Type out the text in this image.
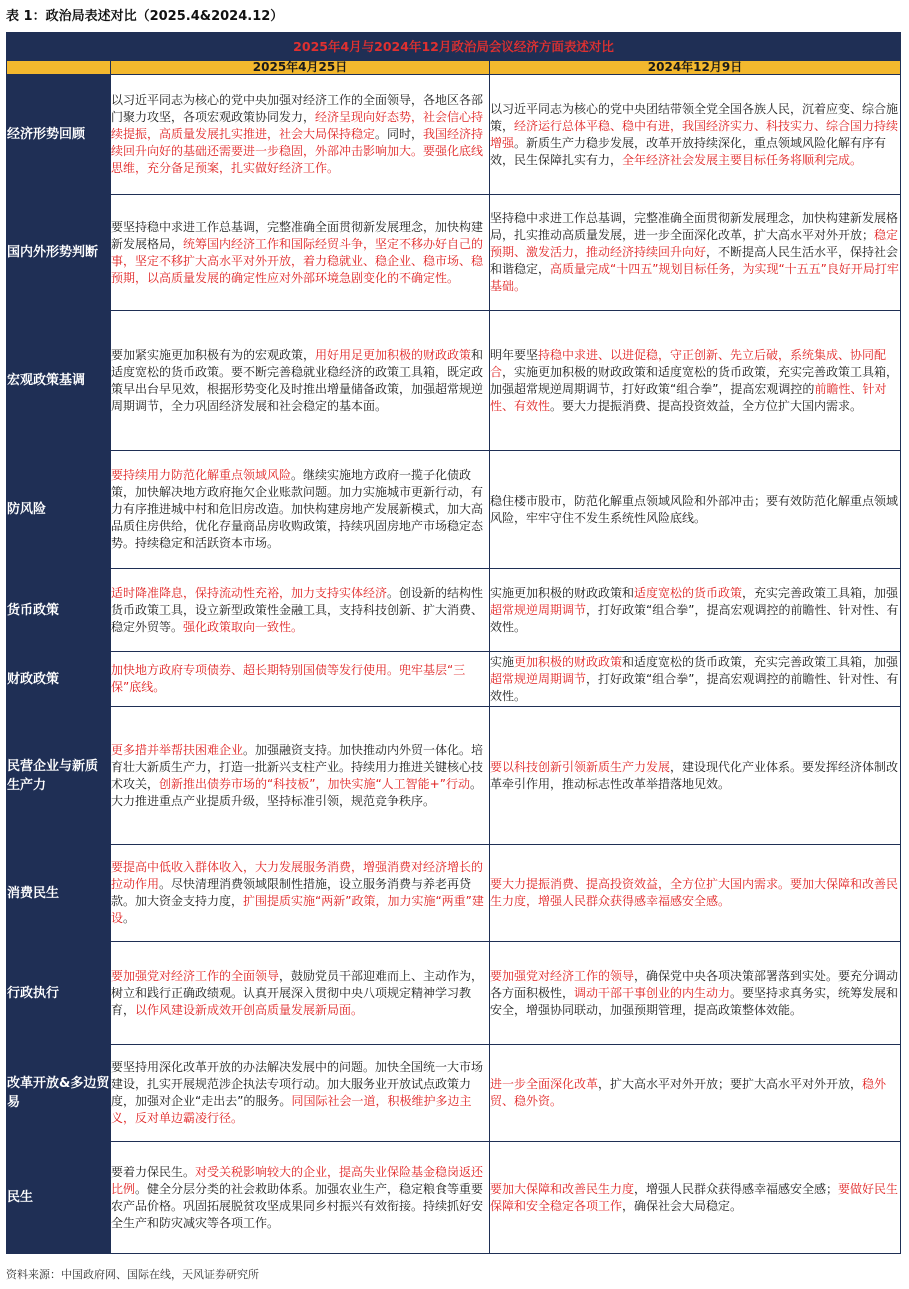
表 1：政治局表述对比（2025.4&2024.12）
2025年4月与2024年12月政治局会议经济方面表述对比		
	2025年4月25日	2024年12月9日
经济形势回顾	以习近平同志为核心的党中央加强对经济工作的全面领导，各地区各部门聚力攻坚，各项宏观政策协同发力，经济呈现向好态势，社会信心持续提振，高质量发展扎实推进，社会大局保持稳定。同时，我国经济持续回升向好的基础还需要进一步稳固，外部冲击影响加大。要强化底线思维，充分备足预案，扎实做好经济工作。	以习近平同志为核心的党中央团结带领全党全国各族人民，沉着应变、综合施策，经济运行总体平稳、稳中有进，我国经济实力、科技实力、综合国力持续增强。新质生产力稳步发展，改革开放持续深化，重点领域风险化解有序有效，民生保障扎实有力，全年经济社会发展主要目标任务将顺利完成。
国内外形势判断	要坚持稳中求进工作总基调，完整准确全面贯彻新发展理念，加快构建新发展格局，统筹国内经济工作和国际经贸斗争，坚定不移办好自己的事，坚定不移扩大高水平对外开放，着力稳就业、稳企业、稳市场、稳预期，以高质量发展的确定性应对外部环境急剧变化的不确定性。	坚持稳中求进工作总基调，完整准确全面贯彻新发展理念，加快构建新发展格局，扎实推动高质量发展，进一步全面深化改革，扩大高水平对外开放；稳定预期、激发活力，推动经济持续回升向好，不断提高人民生活水平，保持社会和谐稳定，高质量完成“十四五”规划目标任务，为实现“十五五”良好开局打牢基础。
宏观政策基调	要加紧实施更加积极有为的宏观政策，用好用足更加积极的财政政策和适度宽松的货币政策。要不断完善稳就业稳经济的政策工具箱，既定政策早出台早见效，根据形势变化及时推出增量储备政策，加强超常规逆周期调节，全力巩固经济发展和社会稳定的基本面。	明年要坚持稳中求进、以进促稳，守正创新、先立后破，系统集成、协同配合，实施更加积极的财政政策和适度宽松的货币政策，充实完善政策工具箱，加强超常规逆周期调节，打好政策“组合拳”，提高宏观调控的前瞻性、针对性、有效性。要大力提振消费、提高投资效益，全方位扩大国内需求。
防风险	要持续用力防范化解重点领域风险。继续实施地方政府一揽子化债政策，加快解决地方政府拖欠企业账款问题。加力实施城市更新行动，有力有序推进城中村和危旧房改造。加快构建房地产发展新模式，加大高品质住房供给，优化存量商品房收购政策，持续巩固房地产市场稳定态势。持续稳定和活跃资本市场。	稳住楼市股市，防范化解重点领域风险和外部冲击；要有效防范化解重点领域风险，牢牢守住不发生系统性风险底线。
货币政策	适时降准降息，保持流动性充裕，加力支持实体经济。创设新的结构性货币政策工具，设立新型政策性金融工具，支持科技创新、扩大消费、稳定外贸等。强化政策取向一致性。	实施更加积极的财政政策和适度宽松的货币政策，充实完善政策工具箱，加强超常规逆周期调节，打好政策“组合拳”，提高宏观调控的前瞻性、针对性、有效性。
财政政策	加快地方政府专项债券、超长期特别国债等发行使用。兜牢基层“三保”底线。	实施更加积极的财政政策和适度宽松的货币政策，充实完善政策工具箱，加强超常规逆周期调节，打好政策“组合拳”，提高宏观调控的前瞻性、针对性、有效性。
民营企业与新质生产力	更多措并举帮扶困难企业。加强融资支持。加快推动内外贸一体化。培育壮大新质生产力，打造一批新兴支柱产业。持续用力推进关键核心技术攻关，创新推出债券市场的“科技板”，加快实施“人工智能+”行动。大力推进重点产业提质升级，坚持标准引领，规范竞争秩序。	要以科技创新引领新质生产力发展，建设现代化产业体系。要发挥经济体制改革牵引作用，推动标志性改革举措落地见效。
消费民生	要提高中低收入群体收入，大力发展服务消费，增强消费对经济增长的拉动作用。尽快清理消费领域限制性措施，设立服务消费与养老再贷款。加大资金支持力度，扩围提质实施“两新”政策，加力实施“两重”建设。	要大力提振消费、提高投资效益，全方位扩大国内需求。要加大保障和改善民生力度，增强人民群众获得感幸福感安全感。
行政执行	要加强党对经济工作的全面领导，鼓励党员干部迎难而上、主动作为，树立和践行正确政绩观。认真开展深入贯彻中央八项规定精神学习教育，以作风建设新成效开创高质量发展新局面。	要加强党对经济工作的领导，确保党中央各项决策部署落到实处。要充分调动各方面积极性，调动干部干事创业的内生动力。要坚持求真务实，统筹发展和安全，增强协同联动，加强预期管理，提高政策整体效能。
改革开放&多边贸易	要坚持用深化改革开放的办法解决发展中的问题。加快全国统一大市场建设，扎实开展规范涉企执法专项行动。加大服务业开放试点政策力度，加强对企业“走出去”的服务。同国际社会一道，积极维护多边主义，反对单边霸凌行径。	进一步全面深化改革，扩大高水平对外开放；要扩大高水平对外开放，稳外贸、稳外资。
民生	要着力保民生。对受关税影响较大的企业，提高失业保险基金稳岗返还比例。健全分层分类的社会救助体系。加强农业生产，稳定粮食等重要农产品价格。巩固拓展脱贫攻坚成果同乡村振兴有效衔接。持续抓好安全生产和防灾减灾等各项工作。	要加大保障和改善民生力度，增强人民群众获得感幸福感安全感；要做好民生保障和安全稳定各项工作，确保社会大局稳定。
资料来源：中国政府网、国际在线，天风证券研究所
